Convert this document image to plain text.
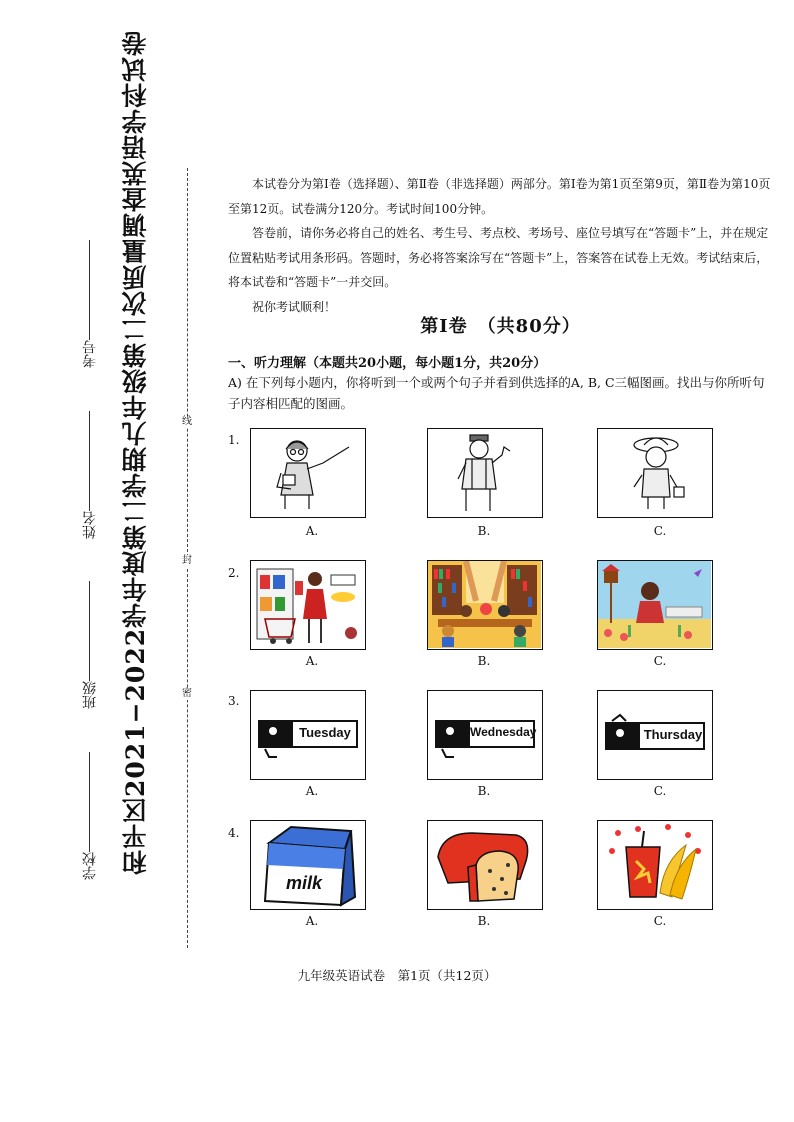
和平区2021−2022学年度第二学期九年级第二次质量调查英语学科试卷
学校
班级
姓名
考号
密
封
线

本试卷分为第Ⅰ卷（选择题）、第Ⅱ卷（非选择题）两部分。第Ⅰ卷为第1页至第9页，第Ⅱ卷为第10页至第12页。试卷满分120分。考试时间100分钟。

答卷前，请你务必将自己的姓名、考生号、考点校、考场号、座位号填写在“答题卡”上，并在规定位置粘贴考试用条形码。答题时，务必将答案涂写在“答题卡”上，答案答在试卷上无效。考试结束后，将本试卷和“答题卡”一并交回。

祝你考试顺利！

第Ⅰ卷　（共80分）
一、听力理解（本题共20小题，每小题1分，共20分）

A) 在下列每小题内，你将听到一个或两个句子并看到供选择的A, B, C三幅图画。找出与你所听句子内容相匹配的图画。

1.
A.	B.	C.
2.
A.	B.	C.
3.
Tuesday	Wednesday	Thursday
A.	B.	C.
4.
milk
A.	B.	C.
九年级英语试卷　第1页（共12页）
